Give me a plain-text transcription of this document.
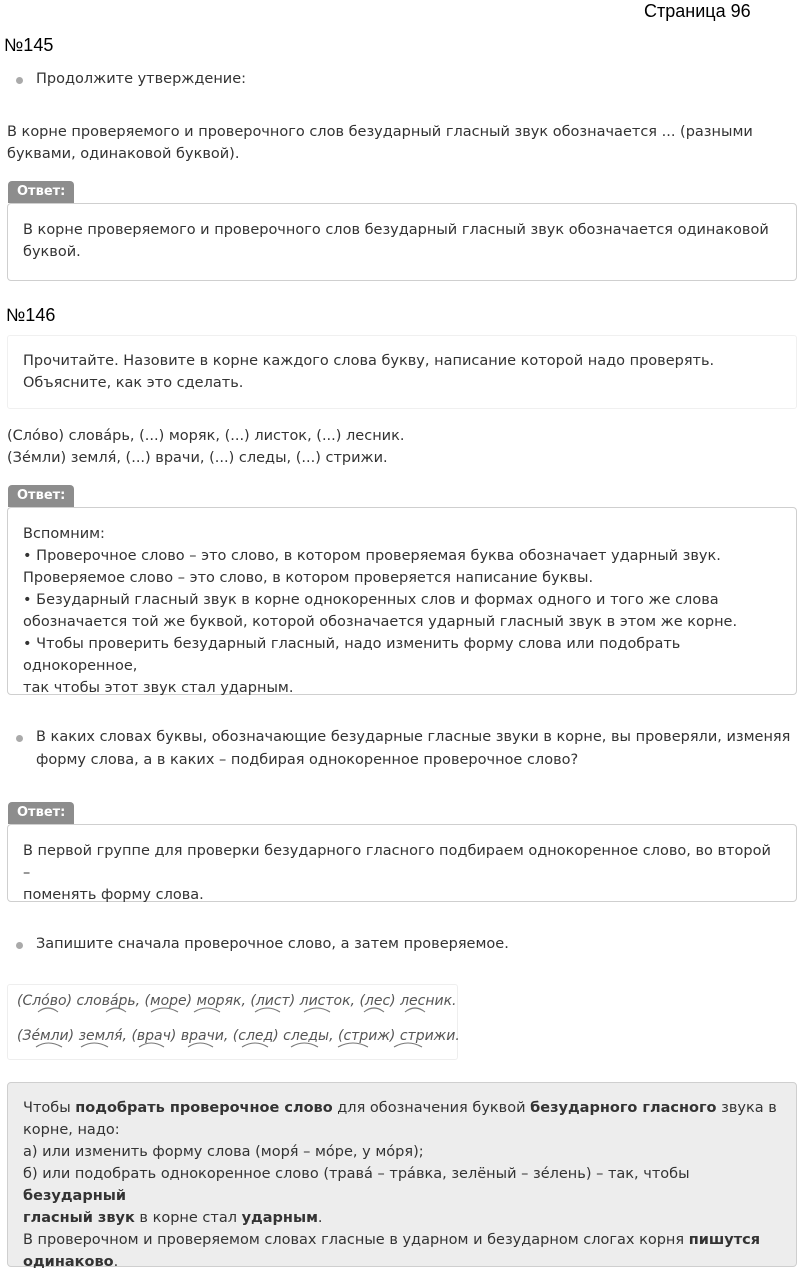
Страница 96
№145
Продолжите утверждение:
В корне проверяемого и проверочного слов безударный гласный звук обозначается ... (разными
буквами, одинаковой буквой).
Ответ:
В корне проверяемого и проверочного слов безударный гласный звук обозначается одинаковой
буквой.
№146
Прочитайте. Назовите в корне каждого слова букву, написание которой надо проверять.
Объясните, как это сделать.
(Сло́во) слова́рь, (...) моряк, (...) листок, (...) лесник.
(Зе́мли) земля́, (...) врачи, (...) следы, (...) стрижи.
Ответ:
Вспомним:
• Проверочное слово – это слово, в котором проверяемая буква обозначает ударный звук.
Проверяемое слово – это слово, в котором проверяется написание буквы.
• Безударный гласный звук в корне однокоренных слов и формах одного и того же слова
обозначается той же буквой, которой обозначается ударный гласный звук в этом же корне.
• Чтобы проверить безударный гласный, надо изменить форму слова или подобрать однокоренное,
так чтобы этот звук стал ударным.
В каких словах буквы, обозначающие безударные гласные звуки в корне, вы проверяли, изменяя
форму слова, а в каких – подбирая однокоренное проверочное слово?
Ответ:
В первой группе для проверки безударного гласного подбираем однокоренное слово, во второй –
поменять форму слова.
Запишите сначала проверочное слово, а затем проверяемое.
(Сло́во) слова́рь, (море) моряк, (лист) листок, (лес) лесник.
(Зе́мли) земля́, (врач) врачи, (след) следы, (стриж) стрижи.
Чтобы подобрать проверочное слово для обозначения буквой безударного гласного звука в
корне, надо:
а) или изменить форму слова (моря́ – мо́ре, у мо́ря);
б) или подобрать однокоренное слово (трава́ – тра́вка, зелёный – зе́лень) – так, чтобы безударный
гласный звук в корне стал ударным.
В проверочном и проверяемом словах гласные в ударном и безударном слогах корня пишутся
одинаково.
